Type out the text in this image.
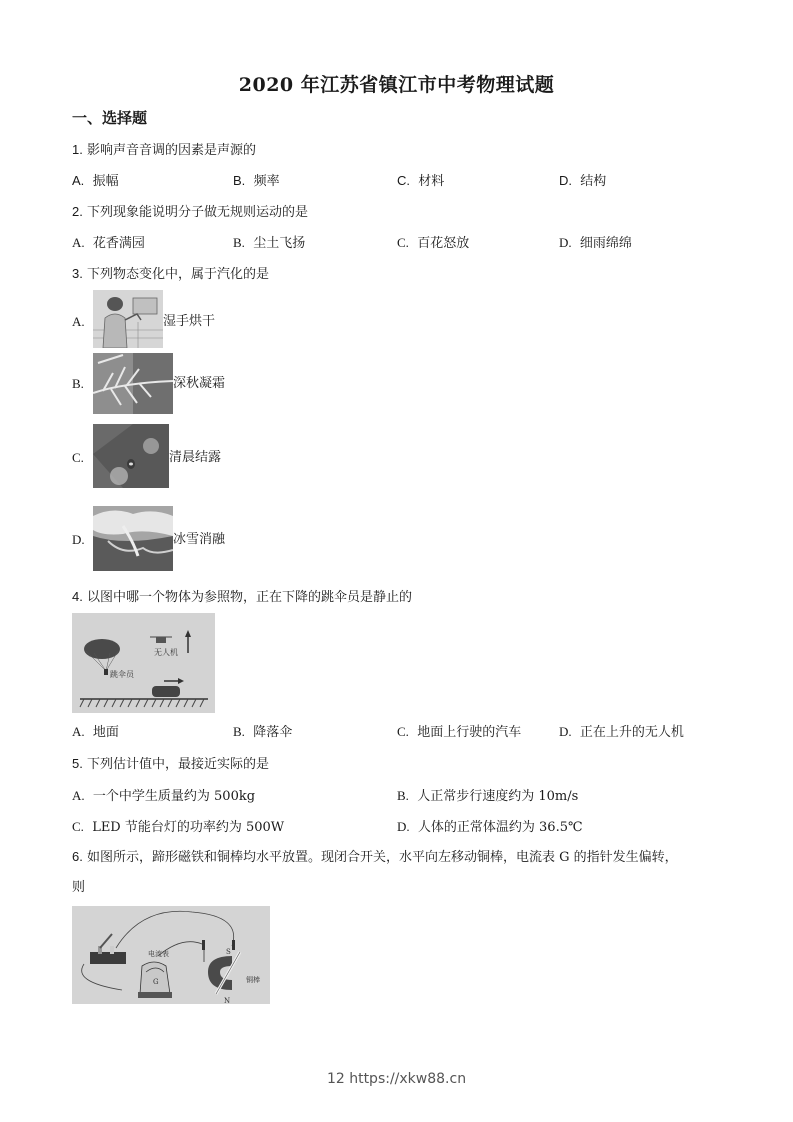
2020 年江苏省镇江市中考物理试题
一、选择题
1. 影响声音音调的因素是声源的
A. 振幅	B. 频率	C. 材料	D. 结构
2. 下列现象能说明分子做无规则运动的是
A. 花香满园	B. 尘土飞扬	C. 百花怒放	D. 细雨绵绵
3. 下列物态变化中，属于汽化的是
A.	湿手烘干
B.	深秋凝霜
C.	清晨结露
D.	冰雪消融
4. 以图中哪一个物体为参照物，正在下降的跳伞员是静止的
跳伞员
无人机
A. 地面	B. 降落伞	C. 地面上行驶的汽车	D. 正在上升的无人机
5. 下列估计值中，最接近实际的是
A. 一个中学生质量约为 500kg	B. 人正常步行速度约为 10m/s
C. LED 节能台灯的功率约为 500W	D. 人体的正常体温约为 36.5℃
6. 如图所示，蹄形磁铁和铜棒均水平放置。现闭合开关，水平向左移动铜棒，电流表 G 的指针发生偏转，
则
电流表
G
S
N
铜棒
12 https://xkw88.cn
